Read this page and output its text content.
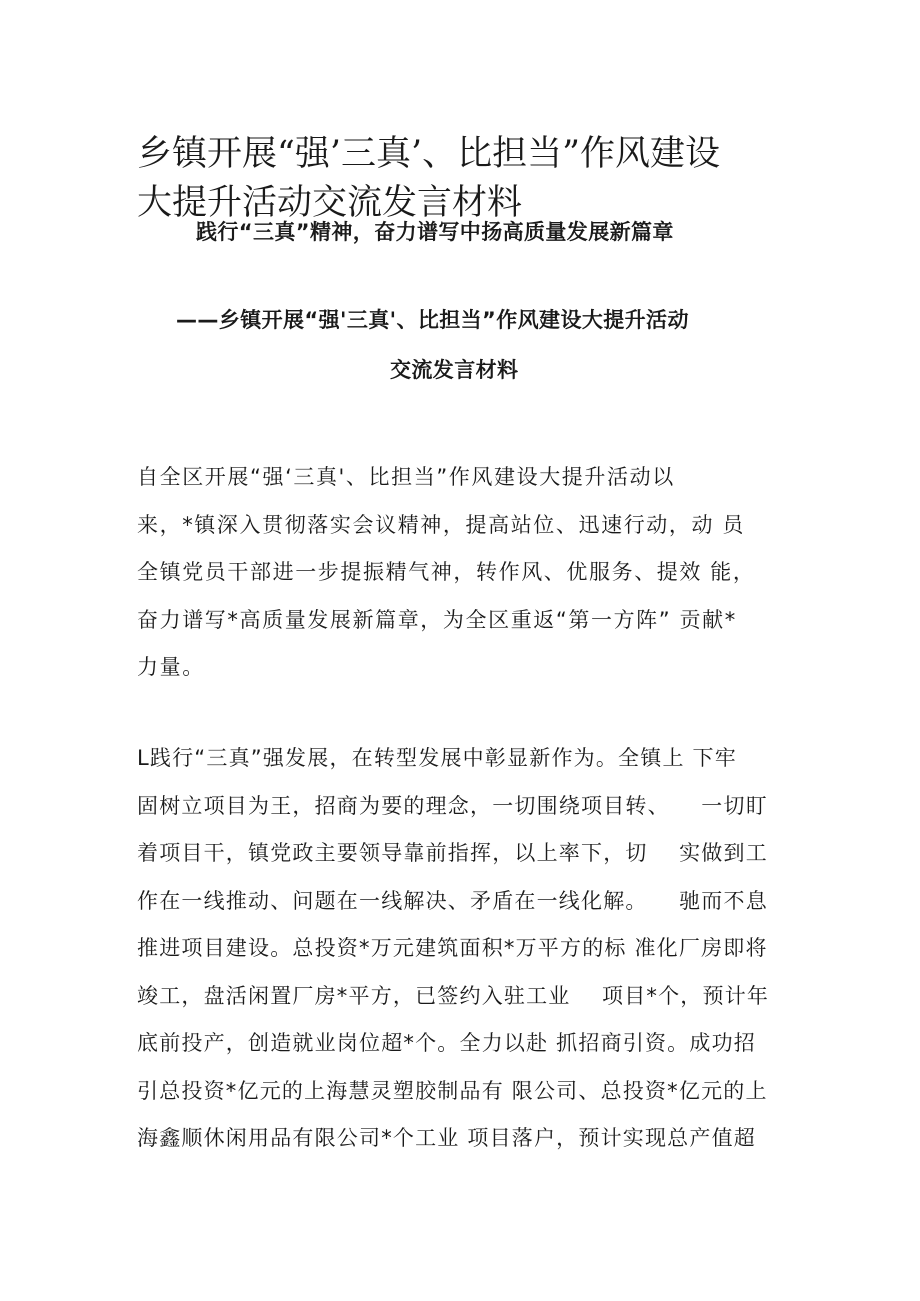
乡镇开展“强’三真’、比担当”作风建设
大提升活动交流发言材料
践行“三真”精神，奋力谱写中扬高质量发展新篇章
——乡镇开展“强'三真'、比担当”作风建设大提升活动
交流发言材料
自全区开展“强‘三真'、比担当”作风建设大提升活动以
来，*镇深入贯彻落实会议精神，提高站位、迅速行动，动 员
全镇党员干部进一步提振精气神，转作风、优服务、提效 能，
奋力谱写*高质量发展新篇章，为全区重返“第一方阵” 贡献*
力量。
L践行“三真”强发展，在转型发展中彰显新作为。全镇上 下牢
固树立项目为王，招商为要的理念，一切围绕项目转、    一切盯
着项目干，镇党政主要领导靠前指挥，以上率下，切    实做到工
作在一线推动、问题在一线解决、矛盾在一线化解。    驰而不息
推进项目建设。总投资*万元建筑面积*万平方的标 准化厂房即将
竣工，盘活闲置厂房*平方，已签约入驻工业    项目*个，预计年
底前投产，创造就业岗位超*个。全力以赴 抓招商引资。成功招
引总投资*亿元的上海慧灵塑胶制品有 限公司、总投资*亿元的上
海鑫顺休闲用品有限公司*个工业 项目落户，预计实现总产值超
